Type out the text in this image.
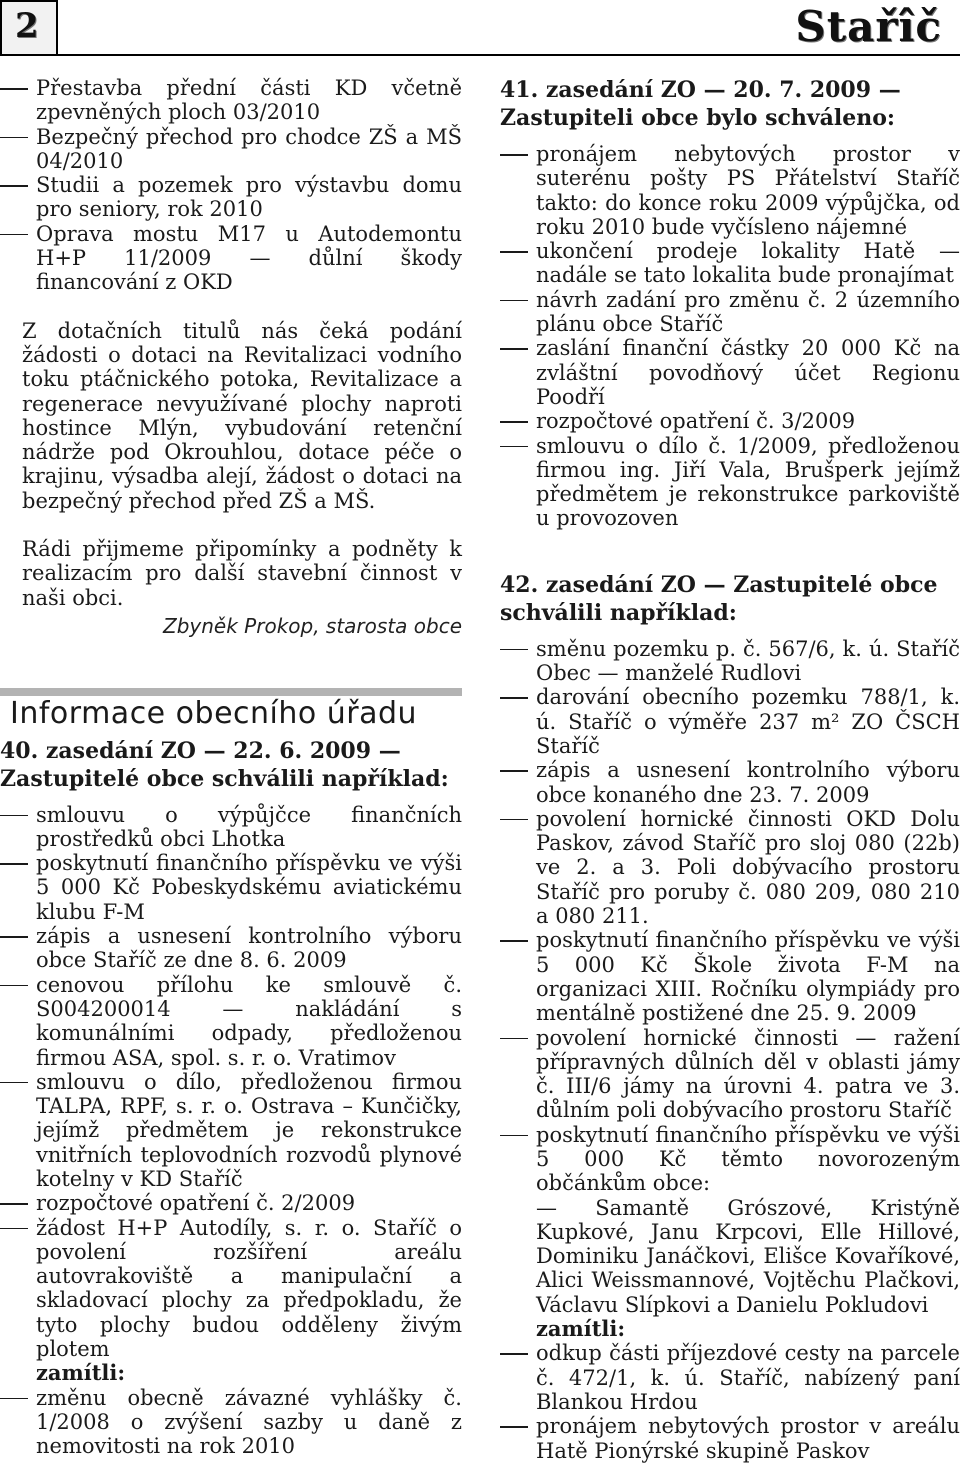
2	Stařîč
Přestavba přední části KD včetně zpevněných ploch 03/2010
Bezpečný přechod pro chodce ZŠ a MŠ 04/2010
Studii a pozemek pro výstavbu domu pro seniory, rok 2010
Oprava mostu M17 u Autodemontu H+P 11/2009 — důlní škody financování z OKD
Z dotačních titulů nás čeká podání žádosti o dotaci na Revitalizaci vodního toku ptáčnického potoka, Revitalizace a regenerace nevyužívané plochy naproti hostince Mlýn, vybudování retenční nádrže pod Okrouhlou, dotace péče o krajinu, výsadba alejí, žádost o dotaci na bezpečný přechod před ZŠ a MŠ.
Rádi přijmeme připomínky a podněty k realizacím pro další stavební činnost v naši obci.
Zbyněk Prokop, starosta obce
Informace obecního úřadu
40. zasedání ZO — 22. 6. 2009 — Zastupitelé obce schválili například:
smlouvu o výpůjčce finančních prostředků obci Lhotka
poskytnutí finančního příspěvku ve výši 5 000 Kč Pobeskydskému aviatickému klubu F-M
zápis a usnesení kontrolního výboru obce Staříč ze dne 8. 6. 2009
cenovou přílohu ke smlouvě č. S004200014 — nakládání s komunálními odpady, předloženou firmou ASA, spol. s. r. o. Vratimov
smlouvu o dílo, předloženou firmou TALPA, RPF, s. r. o. Ostrava – Kunčičky, jejímž předmětem je rekonstrukce vnitřních teplovodních rozvodů plynové kotelny v KD Staříč
rozpočtové opatření č. 2/2009
žádost H+P Autodíly, s. r. o. Staříč o povolení rozšíření areálu autovrakoviště a manipulační a skladovací plochy za předpokladu, že tyto plochy budou odděleny živým plotem
zamítli:
změnu obecně závazné vyhlášky č. 1/2008 o zvýšení sazby u daně z nemovitosti na rok 2010
41. zasedání ZO — 20. 7. 2009 — Zastupiteli obce bylo schváleno:
pronájem nebytových prostor v suterénu pošty PS Přátelství Staříč takto: do konce roku 2009 výpůjčka, od roku 2010 bude vyčísleno nájemné
ukončení prodeje lokality Hatě — nadále se tato lokalita bude pronajímat
návrh zadání pro změnu č. 2 územního plánu obce Staříč
zaslání finanční částky 20 000 Kč na zvláštní povodňový účet Regionu Poodří
rozpočtové opatření č. 3/2009
smlouvu o dílo č. 1/2009, předloženou firmou ing. Jiří Vala, Brušperk jejímž předmětem je rekonstrukce parkoviště u provozoven
42. zasedání ZO — Zastupitelé obce schválili například:
směnu pozemku p. č. 567/6, k. ú. Staříč Obec — manželé Rudlovi
darování obecního pozemku 788/1, k. ú. Staříč o výměře 237 m² ZO ČSCH Staříč
zápis a usnesení kontrolního výboru obce konaného dne 23. 7. 2009
povolení hornické činnosti OKD Dolu Paskov, závod Staříč pro sloj 080 (22b) ve 2. a 3. Poli dobývacího prostoru Staříč pro poruby č. 080 209, 080 210 a 080 211.
poskytnutí finančního příspěvku ve výši 5 000 Kč Škole života F-M na organizaci XIII. Ročníku olympiády pro mentálně postižené dne 25. 9. 2009
povolení hornické činnosti — ražení přípravných důlních děl v oblasti jámy č. III/6 jámy na úrovni 4. patra ve 3. důlním poli dobývacího prostoru Staříč
poskytnutí finančního příspěvku ve výši 5 000 Kč těmto novorozeným občánkům obce:
— Samantě Grószové, Kristýně Kupkové, Janu Krpcovi, Elle Hillové, Dominiku Janáčkovi, Elišce Kovaříkové, Alici Weissmannové, Vojtěchu Plačkovi, Václavu Slípkovi a Danielu Pokludovi
zamítli:
odkup části příjezdové cesty na parcele č. 472/1, k. ú. Staříč, nabízený paní Blankou Hrdou
pronájem nebytových prostor v areálu Hatě Pionýrské skupině Paskov
